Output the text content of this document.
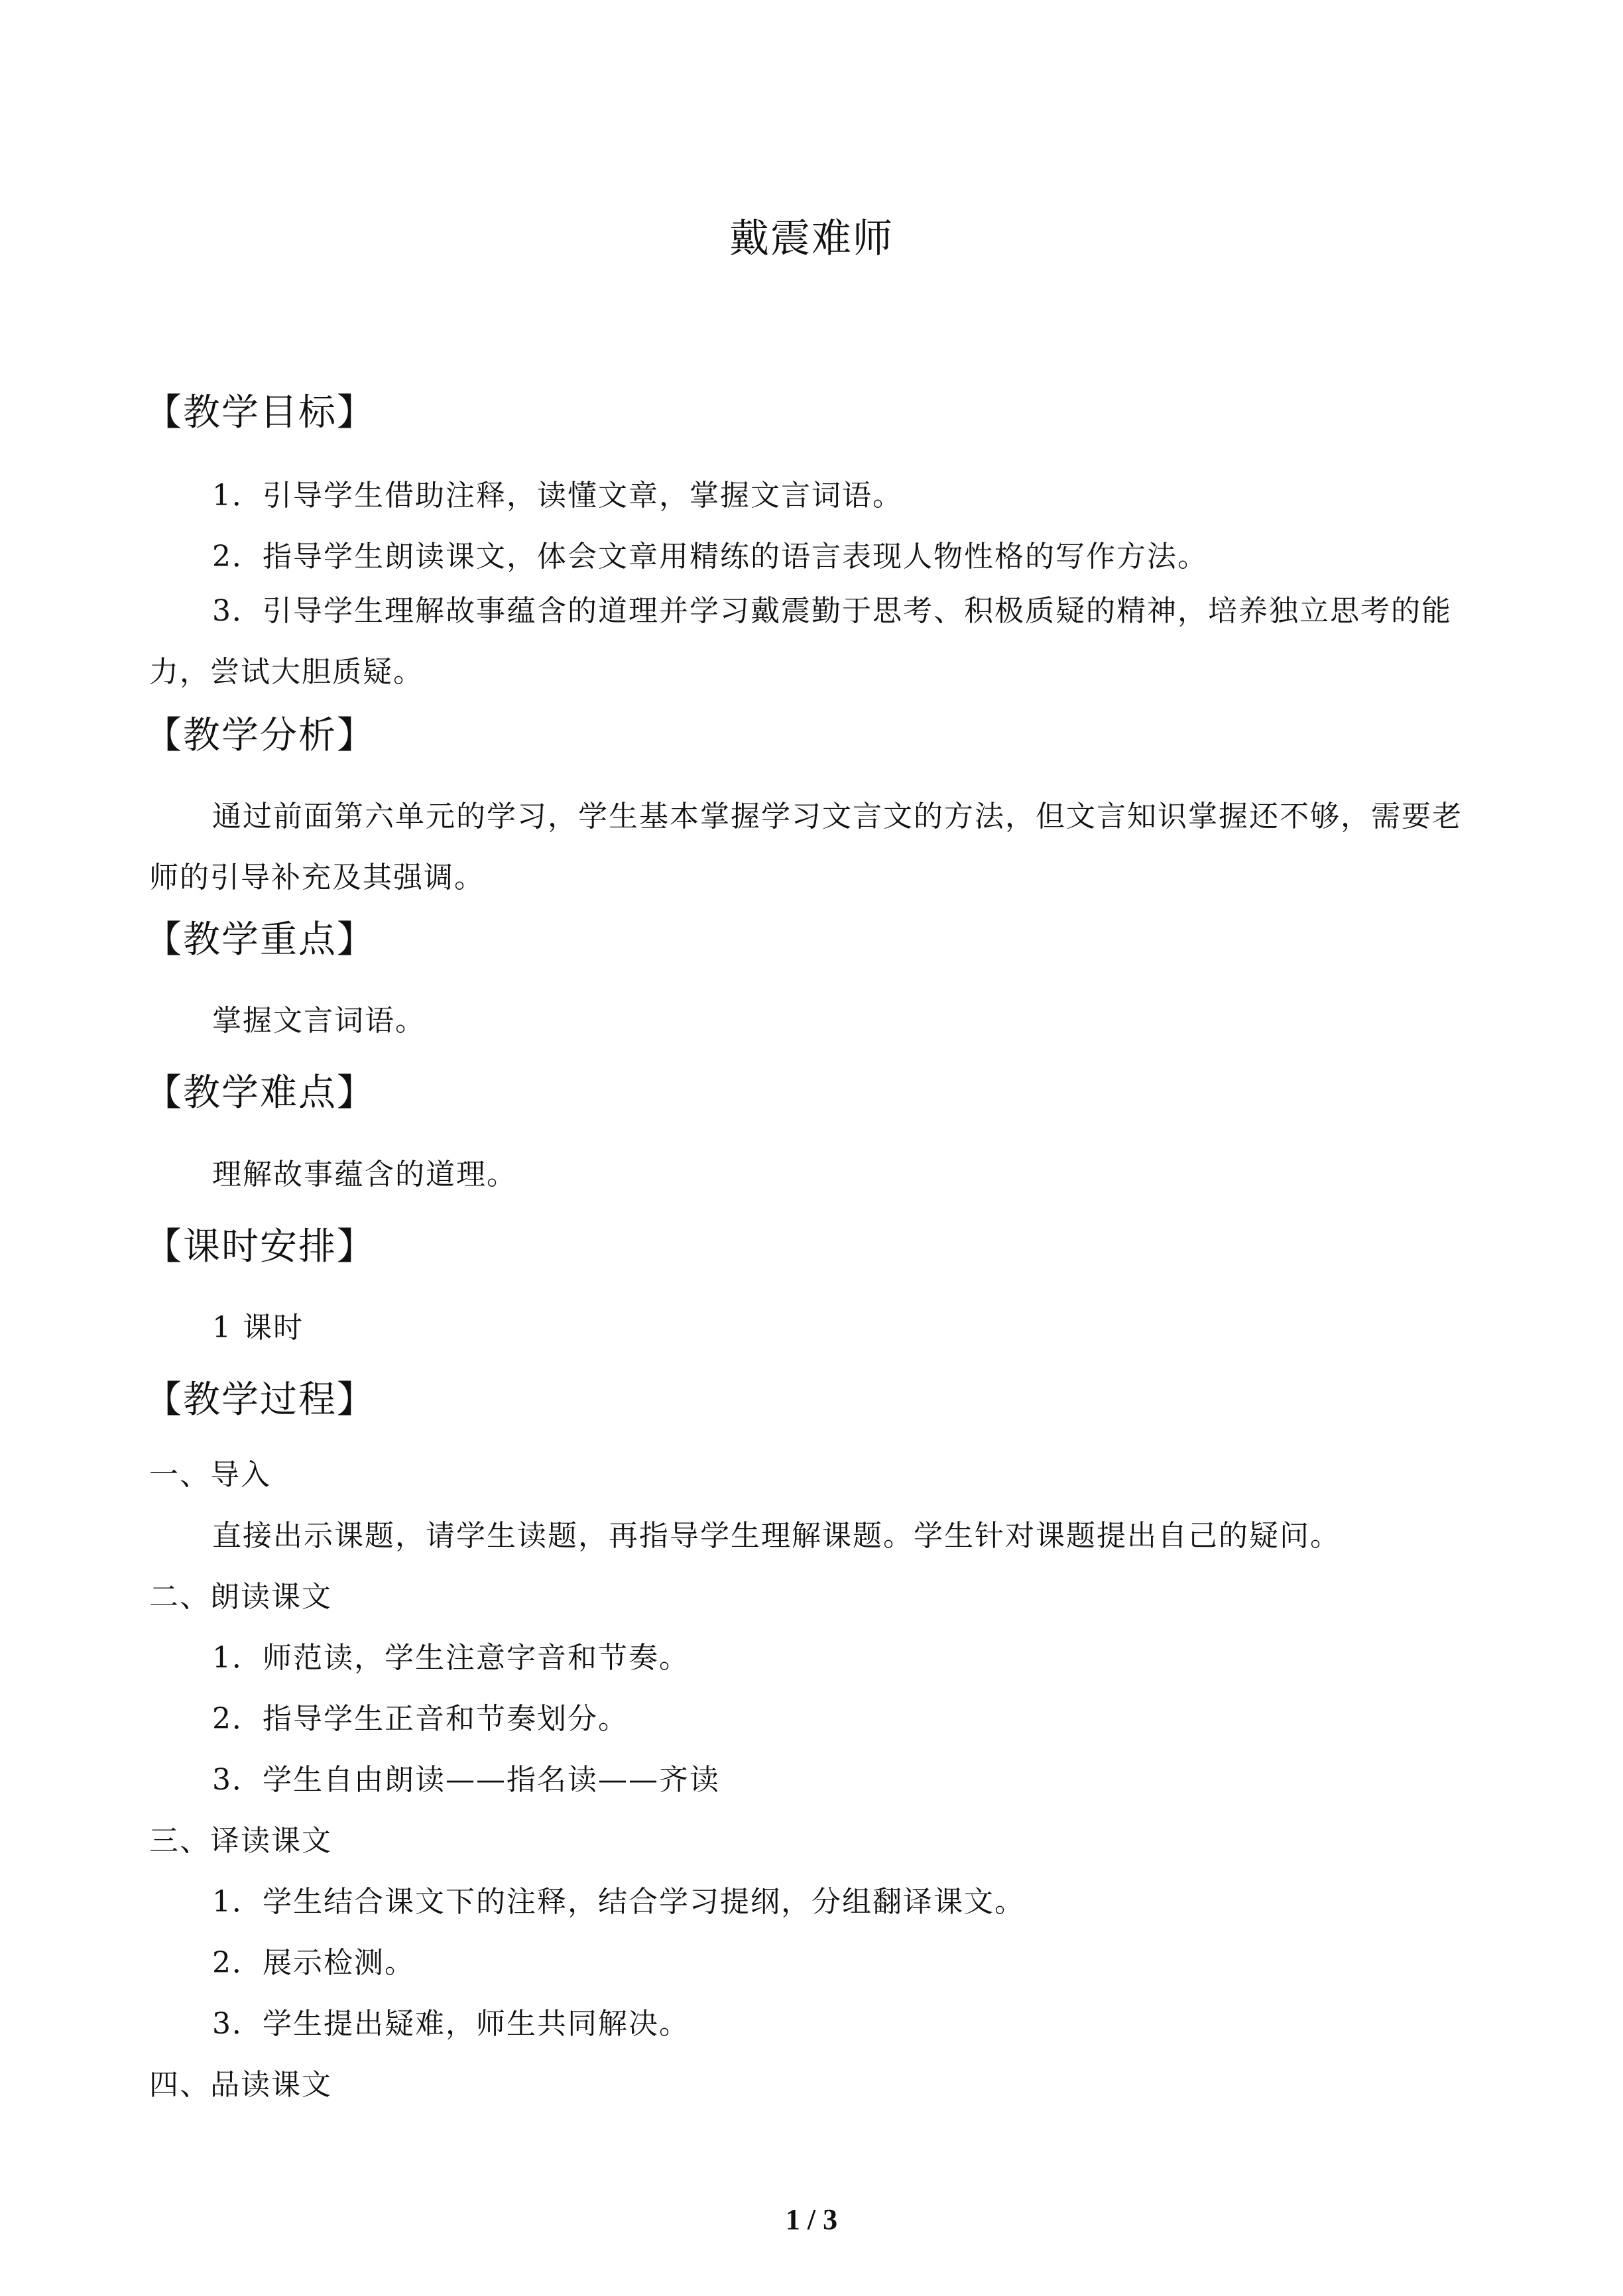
戴震难师
【教学目标】
1．引导学生借助注释，读懂文章，掌握文言词语。
2．指导学生朗读课文，体会文章用精练的语言表现人物性格的写作方法。
3．引导学生理解故事蕴含的道理并学习戴震勤于思考、积极质疑的精神，培养独立思考的能力，尝试大胆质疑。
【教学分析】
通过前面第六单元的学习，学生基本掌握学习文言文的方法，但文言知识掌握还不够，需要老师的引导补充及其强调。
【教学重点】
掌握文言词语。
【教学难点】
理解故事蕴含的道理。
【课时安排】
1 课时
【教学过程】
一、导入
直接出示课题，请学生读题，再指导学生理解课题。学生针对课题提出自己的疑问。
二、朗读课文
1．师范读，学生注意字音和节奏。
2．指导学生正音和节奏划分。
3．学生自由朗读——指名读——齐读
三、译读课文
1．学生结合课文下的注释，结合学习提纲，分组翻译课文。
2．展示检测。
3．学生提出疑难，师生共同解决。
四、品读课文
1 / 3
